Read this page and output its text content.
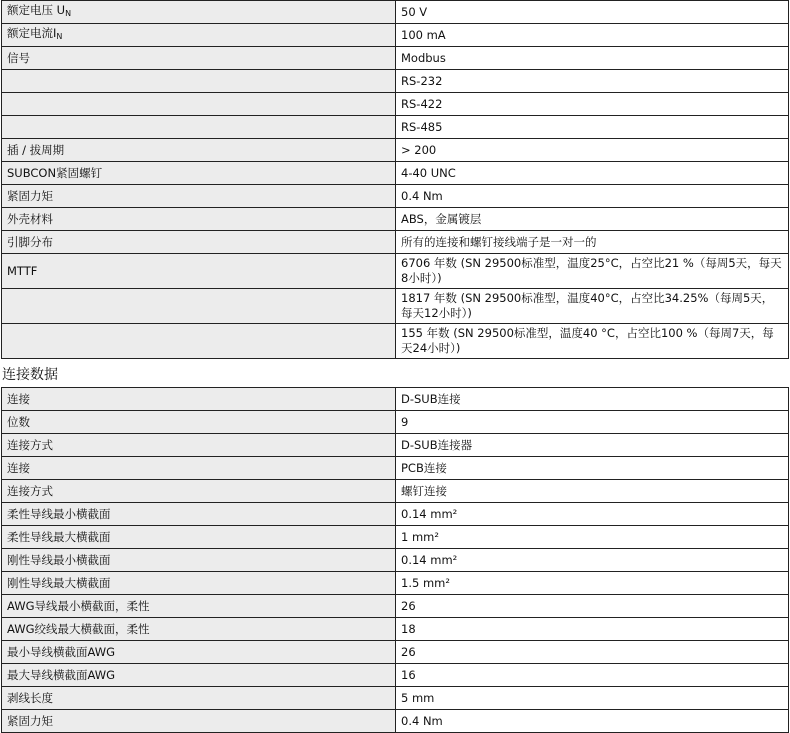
额定电压 $U_N$	50 V
额定电流$I_N$	100 mA
信号	Modbus
	RS-232
	RS-422
	RS-485
插 / 拔周期	> 200
SUBCON紧固螺钉	4-40 UNC
紧固力矩	0.4 Nm
外壳材料	ABS，金属镀层
引脚分布	所有的连接和螺钉接线端子是一对一的
MTTF	6706 年数 (SN 29500标准型，温度25°C，占空比21 %（每周5天，每天8小时）)
	1817 年数 (SN 29500标准型，温度40°C，占空比34.25%（每周5天，每天12小时）)
	155 年数 (SN 29500标准型，温度40 °C，占空比100 %（每周7天，每天24小时）)
连接数据
连接	D-SUB连接
位数	9
连接方式	D-SUB连接器
连接	PCB连接
连接方式	螺钉连接
柔性导线最小横截面	0.14 mm²
柔性导线最大横截面	1 mm²
刚性导线最小横截面	0.14 mm²
刚性导线最大横截面	1.5 mm²
AWG导线最小横截面，柔性	26
AWG绞线最大横截面，柔性	18
最小导线横截面AWG	26
最大导线横截面AWG	16
剥线长度	5 mm
紧固力矩	0.4 Nm
